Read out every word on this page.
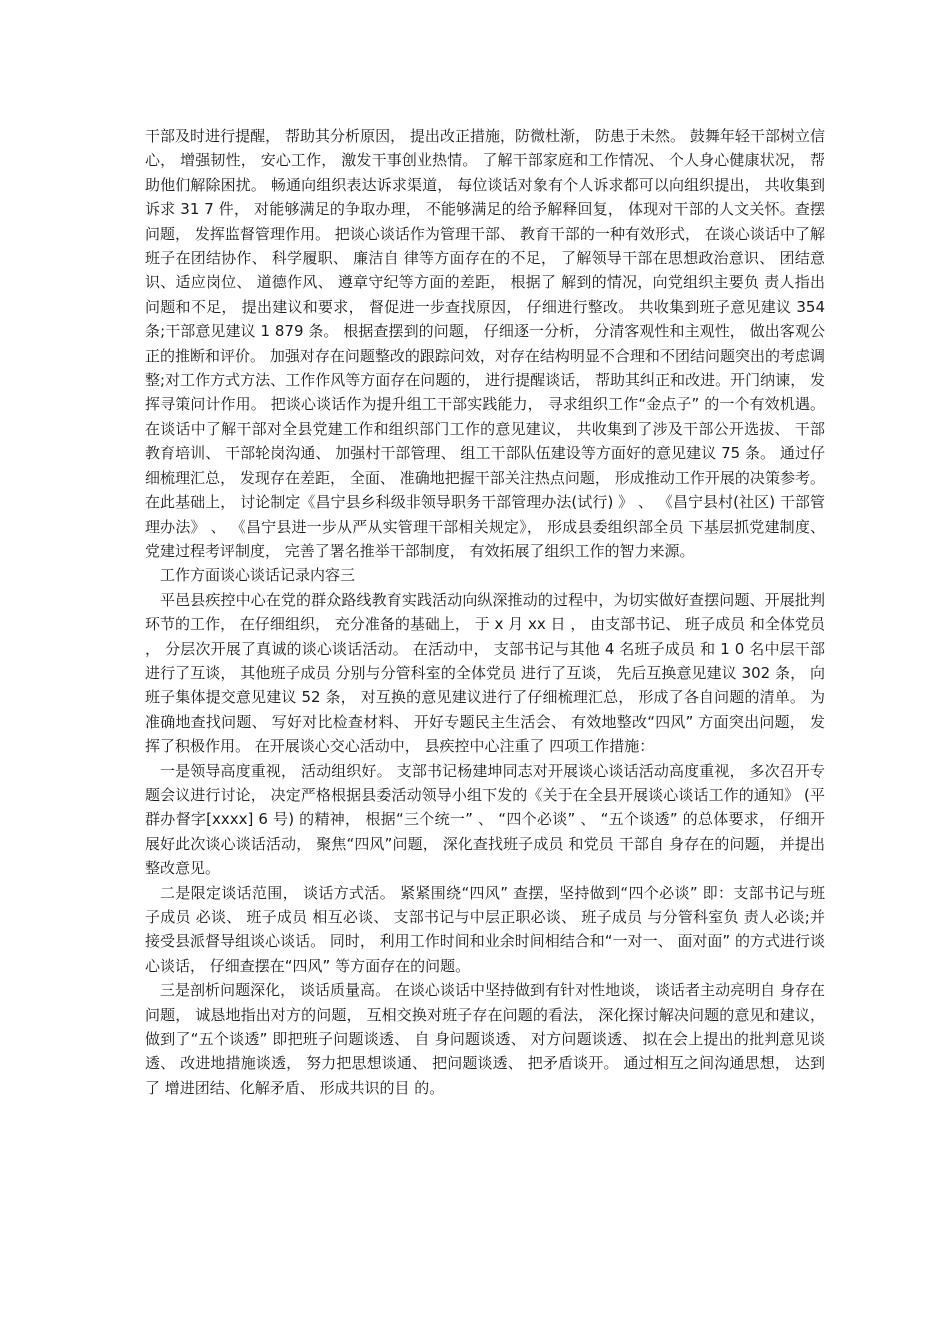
干部及时进行提醒， 帮助其分析原因， 提出改正措施，防微杜渐， 防患于未然。 鼓舞年轻干部树立信心， 增强韧性， 安心工作， 激发干事创业热情。 了解干部家庭和工作情况、 个人身心健康状况， 帮助他们解除困扰。 畅通向组织表达诉求渠道， 每位谈话对象有个人诉求都可以向组织提出， 共收集到诉求 31 7 件， 对能够满足的争取办理， 不能够满足的给予解释回复， 体现对干部的人文关怀。查摆问题， 发挥监督管理作用。 把谈心谈话作为管理干部、 教育干部的一种有效形式， 在谈心谈话中了解班子在团结协作、 科学履职、 廉洁自 律等方面存在的不足， 了解领导干部在思想政治意识、 团结意识、适应岗位、 道德作风、 遵章守纪等方面的差距， 根据了 解到的情况，向党组织主要负 责人指出问题和不足， 提出建议和要求， 督促进一步查找原因， 仔细进行整改。 共收集到班子意见建议 354 条;干部意见建议 1 879 条。 根据查摆到的问题， 仔细逐一分析， 分清客观性和主观性， 做出客观公正的推断和评价。 加强对存在问题整改的跟踪问效，对存在结构明显不合理和不团结问题突出的考虑调整;对工作方式方法、工作作风等方面存在问题的， 进行提醒谈话， 帮助其纠正和改进。开门纳谏， 发挥寻策问计作用。 把谈心谈话作为提升组工干部实践能力， 寻求组织工作“金点子” 的一个有效机遇。 在谈话中了解干部对全县党建工作和组织部门工作的意见建议， 共收集到了涉及干部公开选拔、 干部教育培训、 干部轮岗沟通、 加强村干部管理、 组工干部队伍建设等方面好的意见建议 75 条。 通过仔细梳理汇总， 发现存在差距， 全面、 准确地把握干部关注热点问题， 形成推动工作开展的决策参考。 在此基础上， 讨论制定《昌宁县乡科级非领导职务干部管理办法(试行) 》 、 《昌宁县村(社区) 干部管理办法》 、 《昌宁县进一步从严从实管理干部相关规定》， 形成县委组织部全员 下基层抓党建制度、党建过程考评制度， 完善了署名推举干部制度， 有效拓展了组织工作的智力来源。

工作方面谈心谈话记录内容三

平邑县疾控中心在党的群众路线教育实践活动向纵深推动的过程中，为切实做好查摆问题、开展批判环节的工作， 在仔细组织， 充分准备的基础上， 于 x 月 xx 日 ， 由支部书记、 班子成员 和全体党员 ， 分层次开展了真诚的谈心谈话活动。 在活动中， 支部书记与其他 4 名班子成员 和 1 0 名中层干部进行了互谈， 其他班子成员 分别与分管科室的全体党员 进行了互谈， 先后互换意见建议 302 条， 向班子集体提交意见建议 52 条， 对互换的意见建议进行了仔细梳理汇总， 形成了各自问题的清单。 为准确地查找问题、 写好对比检查材料、 开好专题民主生活会、 有效地整改“四风” 方面突出问题， 发挥了积极作用。 在开展谈心交心活动中， 县疾控中心注重了 四项工作措施：

一是领导高度重视， 活动组织好。 支部书记杨建坤同志对开展谈心谈话活动高度重视， 多次召开专题会议进行讨论， 决定严格根据县委活动领导小组下发的《关于在全县开展谈心谈话工作的通知》 (平群办督字[xxxx] 6 号) 的精神， 根据“三个统一” 、 “四个必谈” 、 “五个谈透” 的总体要求， 仔细开展好此次谈心谈话活动， 聚焦“四风”问题， 深化查找班子成员 和党员 干部自 身存在的问题， 并提出整改意见。

二是限定谈话范围， 谈话方式活。 紧紧围绕“四风” 查摆，坚持做到“四个必谈” 即：支部书记与班子成员 必谈、 班子成员 相互必谈、 支部书记与中层正职必谈、 班子成员 与分管科室负 责人必谈;并接受县派督导组谈心谈话。 同时， 利用工作时间和业余时间相结合和“一对一、 面对面” 的方式进行谈心谈话， 仔细查摆在“四风” 等方面存在的问题。

三是剖析问题深化， 谈话质量高。 在谈心谈话中坚持做到有针对性地谈， 谈话者主动亮明自 身存在问题， 诚恳地指出对方的问题， 互相交换对班子存在问题的看法， 深化探讨解决问题的意见和建议， 做到了“五个谈透” 即把班子问题谈透、 自 身问题谈透、 对方问题谈透、 拟在会上提出的批判意见谈透、 改进地措施谈透， 努力把思想谈通、 把问题谈透、 把矛盾谈开。 通过相互之间沟通思想， 达到了 增进团结、化解矛盾、 形成共识的目 的。
